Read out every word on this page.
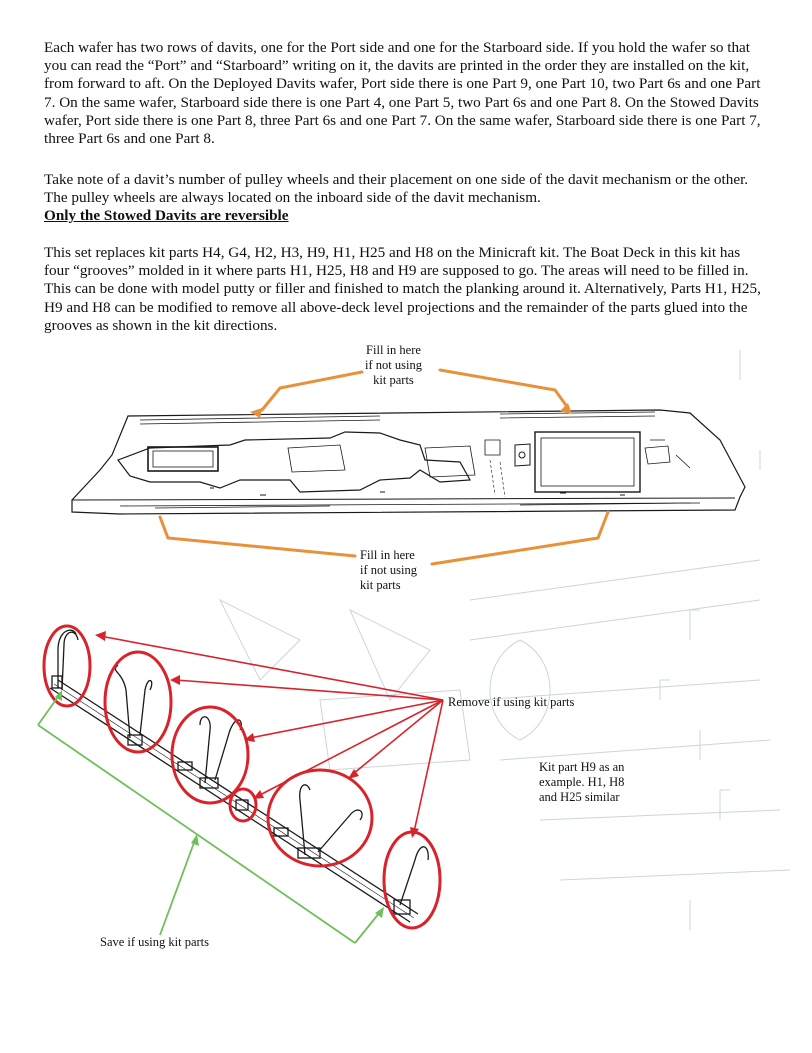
Each wafer has two rows of davits, one for the Port side and one for the Starboard side. If you hold the wafer so that you can read the “Port” and “Starboard” writing on it, the davits are printed in the order they are installed on the kit, from forward to aft. On the Deployed Davits wafer, Port side there is one Part 9, one Part 10, two Part 6s and one Part 7. On the same wafer, Starboard side there is one Part 4, one Part 5, two Part 6s and one Part 8. On the Stowed Davits wafer, Port side there is one Part 8, three Part 6s and one Part 7. On the same wafer, Starboard side there is one Part 7, three Part 6s and one Part 8.

Take note of a davit’s number of pulley wheels and their placement on one side of the davit mechanism or the other. The pulley wheels are always located on the inboard side of the davit mechanism.
Only the Stowed Davits are reversible

This set replaces kit parts H4, G4, H2, H3, H9, H1, H25 and H8 on the Minicraft kit. The Boat Deck in this kit has four “grooves” molded in it where parts H1, H25, H8 and H9 are supposed to go. The areas will need to be filled in. This can be done with model putty or filler and finished to match the planking around it. Alternatively, Parts H1, H25, H9 and H8 can be modified to remove all above-deck level projections and the remainder of the parts glued into the grooves as shown in the kit directions.

Fill in here
if not using
kit parts
Fill in here
if not using
kit parts
Remove if using kit parts
Kit part H9 as an
example. H1, H8
and H25 similar
Save if using kit parts
